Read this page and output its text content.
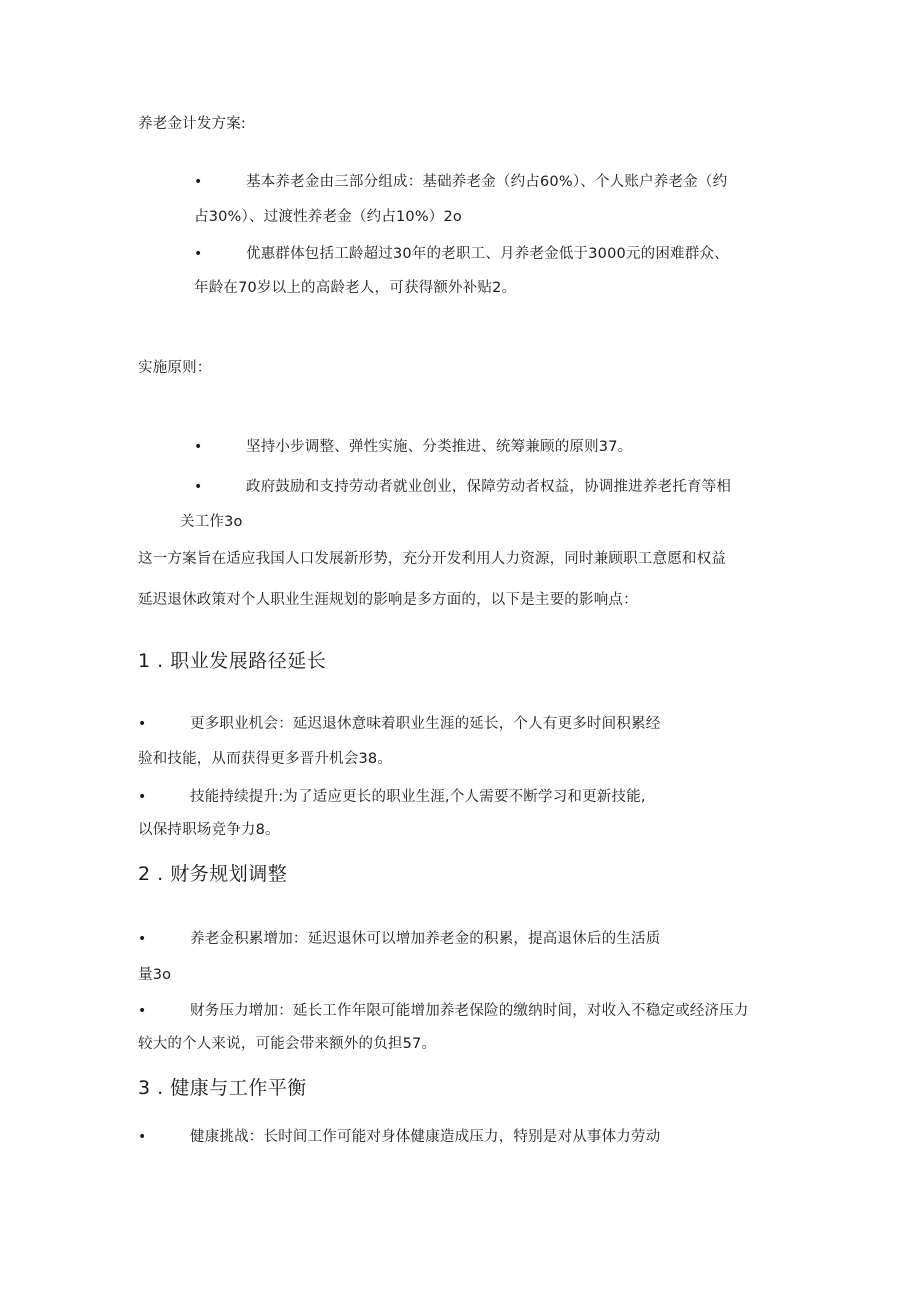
养老金计发方案:
•	基本养老金由三部分组成：基础养老金（约占60%）、个人账户养老金（约
占30%）、过渡性养老金（约占10%）2o
•	优惠群体包括工龄超过30年的老职工、月养老金低于3000元的困难群众、
年龄在70岁以上的高龄老人，可获得额外补贴2。
实施原则：
•	坚持小步调整、弹性实施、分类推进、统筹兼顾的原则37。
•	政府鼓励和支持劳动者就业创业，保障劳动者权益，协调推进养老托育等相
关工作3o
这一方案旨在适应我国人口发展新形势，充分开发利用人力资源，同时兼顾职工意愿和权益
延迟退休政策对个人职业生涯规划的影响是多方面的，以下是主要的影响点：
1 . 职业发展路径延长
•	更多职业机会：延迟退休意味着职业生涯的延长，个人有更多时间积累经
验和技能，从而获得更多晋升机会38。
•	技能持续提升:为了适应更长的职业生涯,个人需要不断学习和更新技能,
以保持职场竞争力8。
2 . 财务规划调整
•	养老金积累增加：延迟退休可以增加养老金的积累，提高退休后的生活质
量3o
•	财务压力增加：延长工作年限可能增加养老保险的缴纳时间，对收入不稳定或经济压力
较大的个人来说，可能会带来额外的负担57。
3 . 健康与工作平衡
•	健康挑战：长时间工作可能对身体健康造成压力，特别是对从事体力劳动
